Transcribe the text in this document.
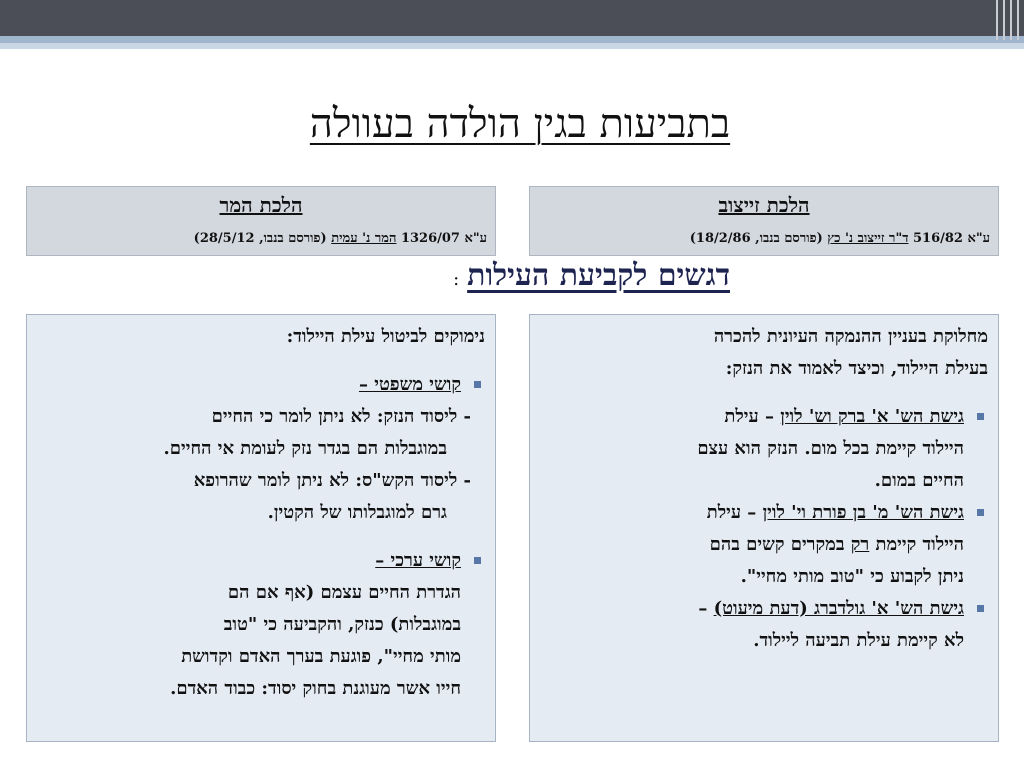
בתביעות בגין הולדה בעוולה
הלכת המר
ע"א 1326/07 המר נ' עמית (פורסם בנבו, 28/5/12)
הלכת זייצוב
ע"א 516/82 ד"ר זייצוב נ' כץ (פורסם בנבו, 18/2/86)
דגשים לקביעת העילות:
נימוקים לביטול עילת היילוד:
קושי משפטי –
- ליסוד הנזק: לא ניתן לומר כי החיים
במוגבלות הם בגדר נזק לעומת אי החיים.
- ליסוד הקש"ס: לא ניתן לומר שהרופא
גרם למוגבלותו של הקטין.
קושי ערכי –
הגדרת החיים עצמם (אף אם הם
במוגבלות) כנזק, והקביעה כי "טוב
מותי מחיי", פוגעת בערך האדם וקדושת
חייו אשר מעוגנת בחוק יסוד: כבוד האדם.
מחלוקת בעניין ההנמקה העיונית להכרה
בעילת היילוד, וכיצד לאמוד את הנזק:
גישת הש' א' ברק וש' לוין – עילת
היילוד קיימת בכל מום. הנזק הוא עצם
החיים במום.
גישת הש' מ' בן פורת וי' לוין – עילת
היילוד קיימת רק במקרים קשים בהם
ניתן לקבוע כי "טוב מותי מחיי".
גישת הש' א' גולדברג (דעת מיעוט) –
לא קיימת עילת תביעה ליילוד.
